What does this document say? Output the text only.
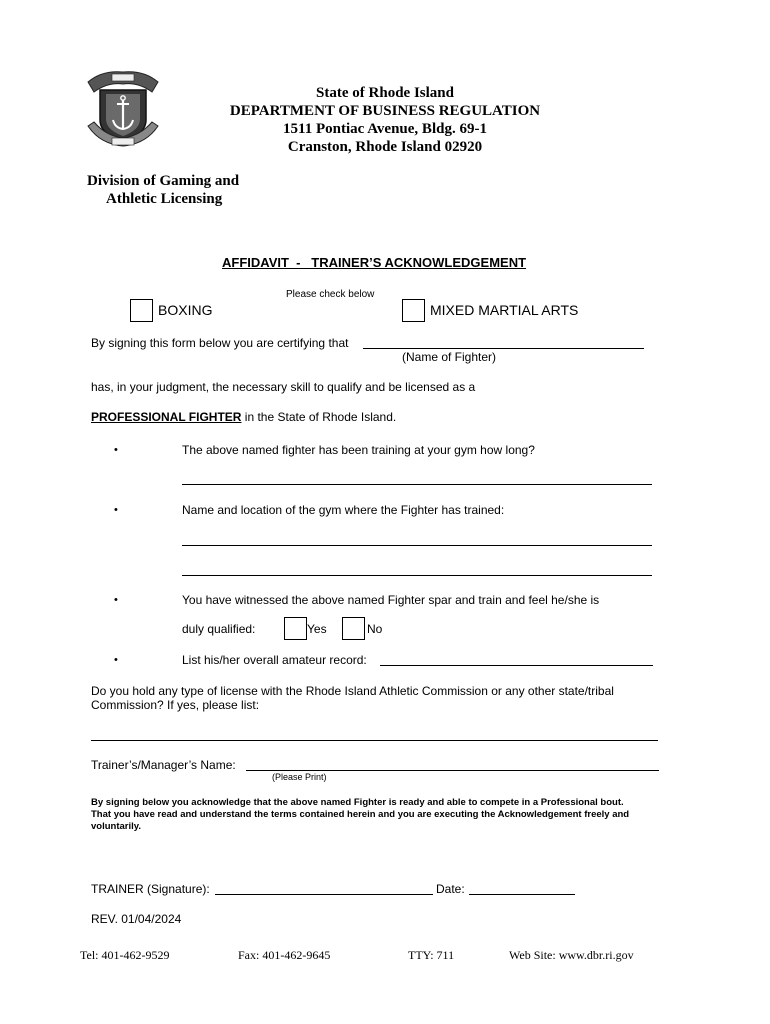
State of Rhode Island
DEPARTMENT OF BUSINESS REGULATION
1511 Pontiac Avenue, Bldg. 69-1
Cranston, Rhode Island 02920
Division of Gaming and
Athletic Licensing
AFFIDAVIT  -   TRAINER’S ACKNOWLEDGEMENT
Please check below
BOXING	MIXED MARTIAL ARTS
By signing this form below you are certifying that
(Name of Fighter)
has, in your judgment, the necessary skill to qualify and be licensed as a
PROFESSIONAL FIGHTER in the State of Rhode Island.
•	The above named fighter has been training at your gym how long?
•	Name and location of the gym where the Fighter has trained:
•	You have witnessed the above named Fighter spar and train and feel he/she is
duly qualified:	Yes	No
•	List his/her overall amateur record:
Do you hold any type of license with the Rhode Island Athletic Commission or any other state/tribal
Commission? If yes, please list:
Trainer’s/Manager’s Name:
(Please Print)
By signing below you acknowledge that the above named Fighter is ready and able to compete in a Professional bout.
That you have read and understand the terms contained herein and you are executing the Acknowledgement freely and
voluntarily.
TRAINER (Signature):	Date:
REV. 01/04/2024
Tel: 401-462-9529	Fax: 401-462-9645	TTY: 711	Web Site: www.dbr.ri.gov
